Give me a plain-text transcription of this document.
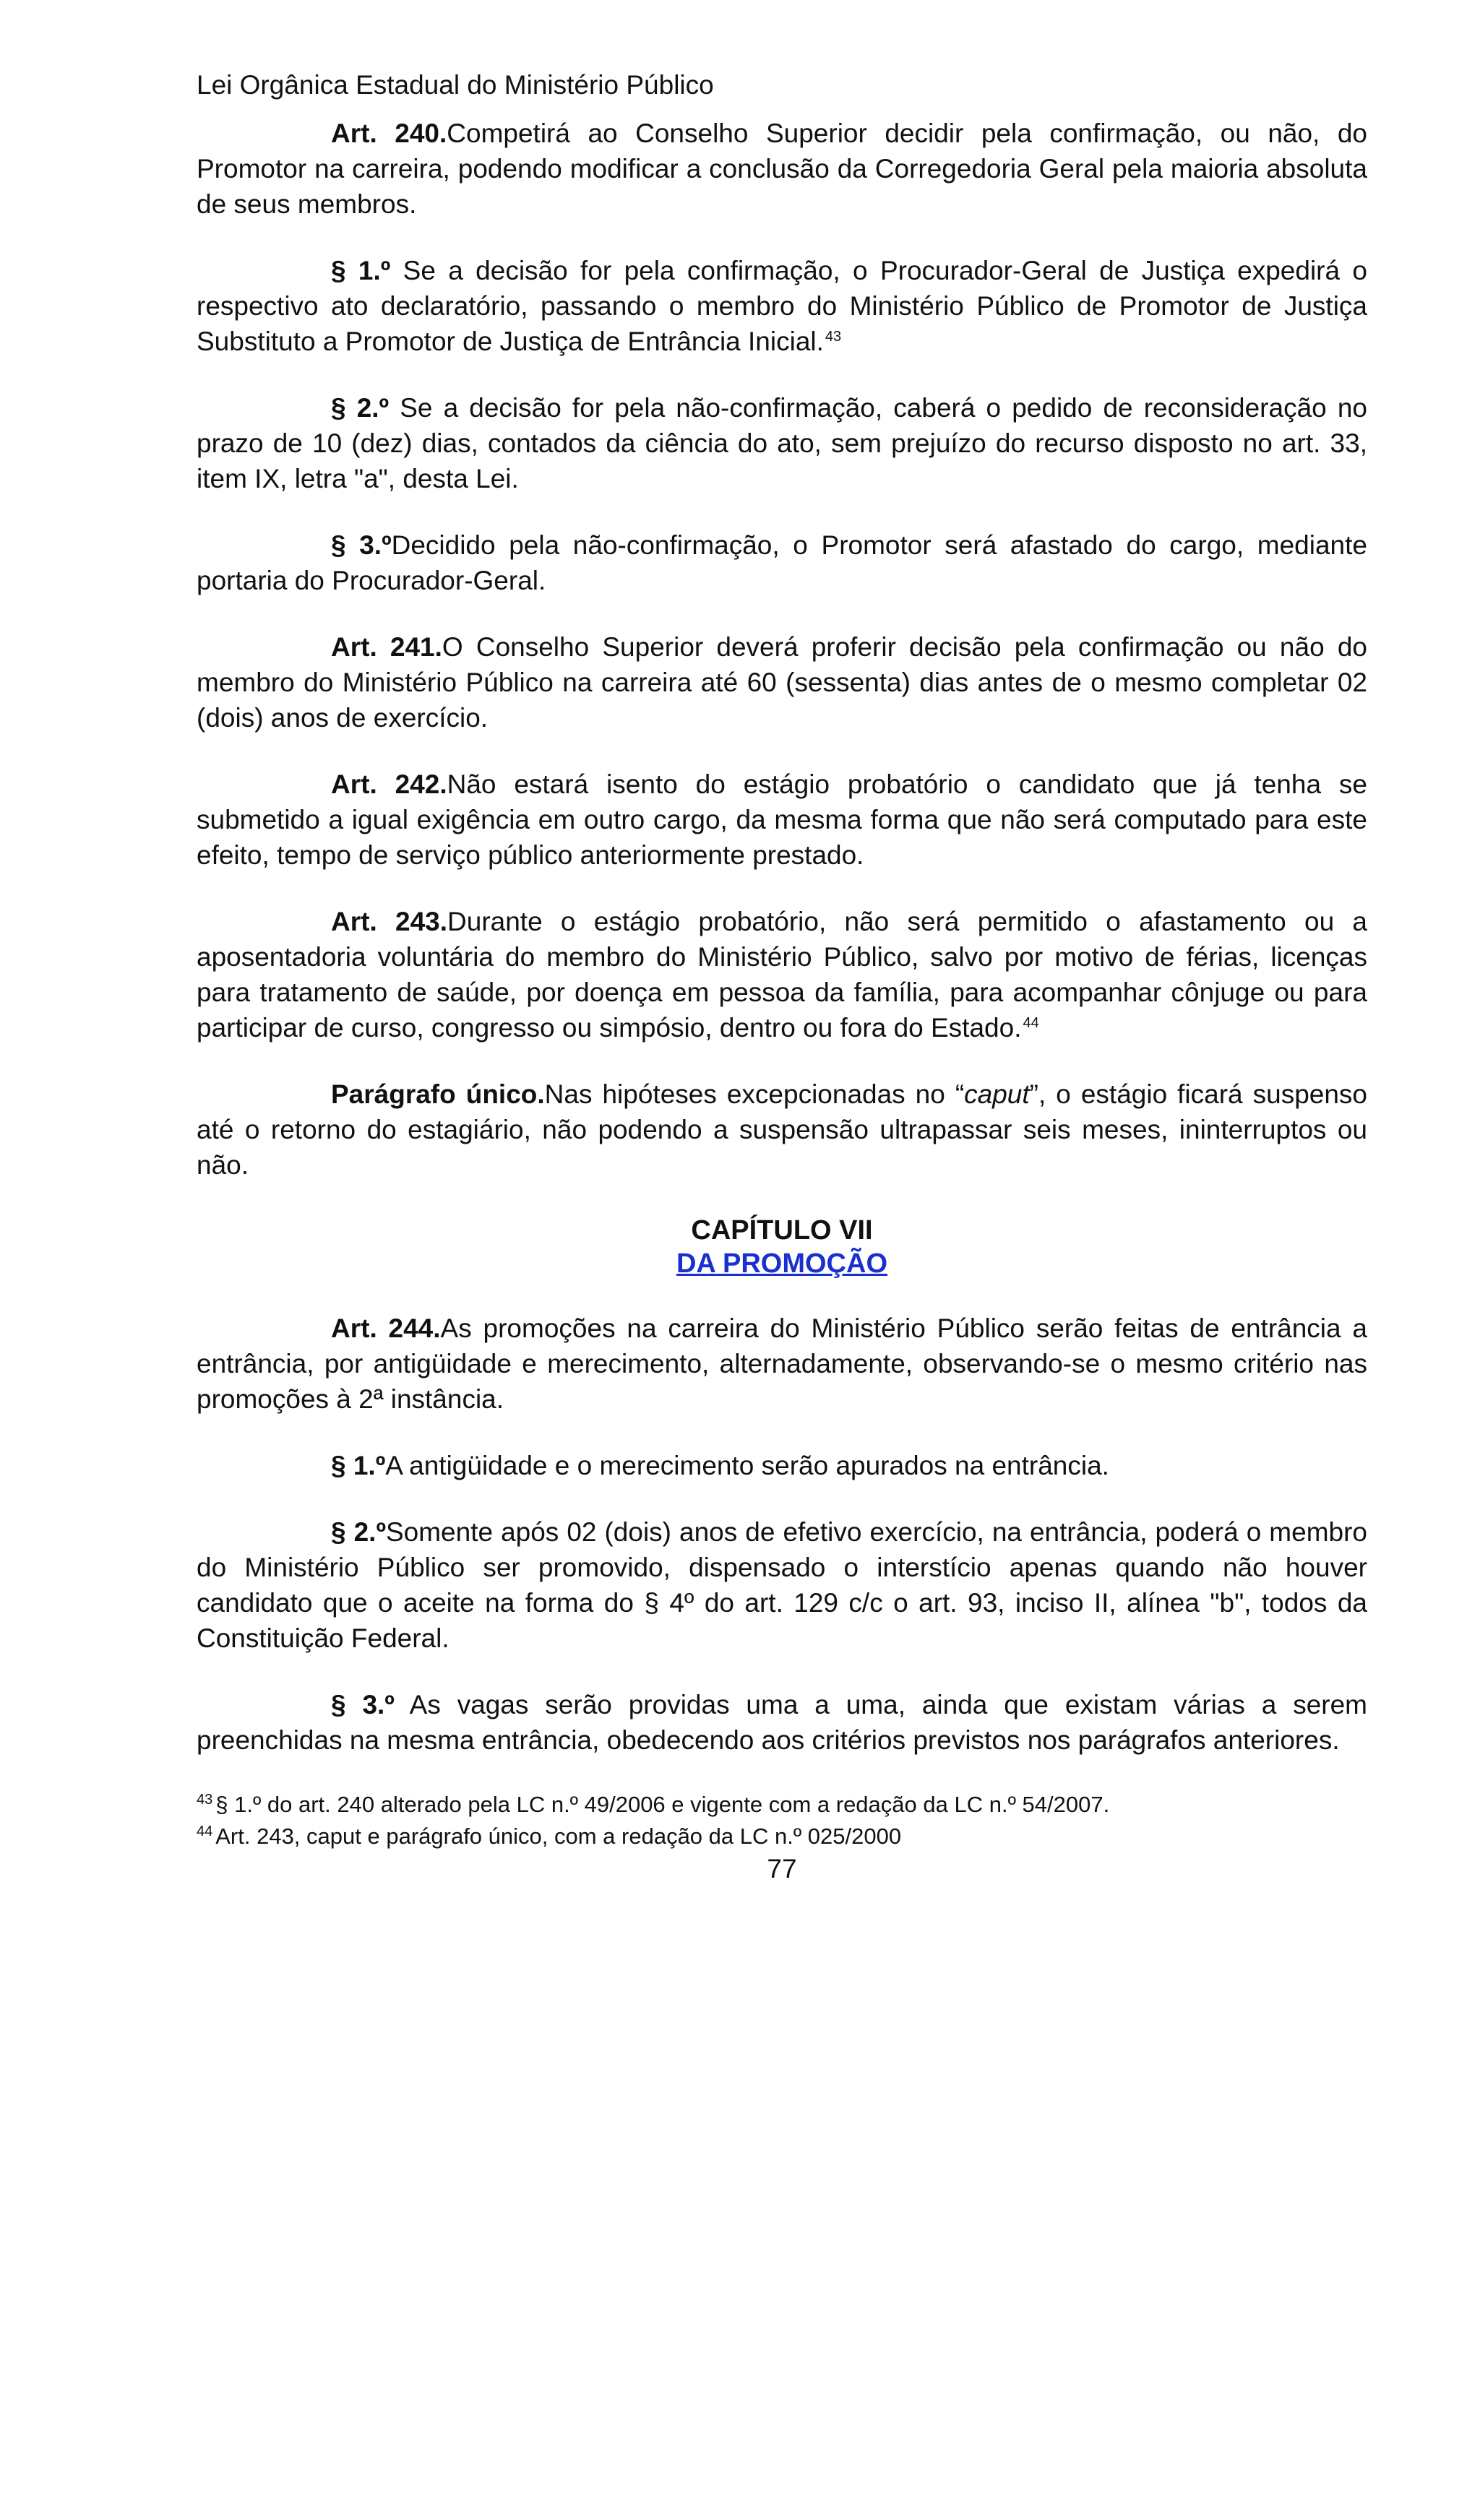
Lei Orgânica Estadual do Ministério Público

Art. 240.Competirá ao Conselho Superior decidir pela confirmação, ou não, do Promotor na carreira, podendo modificar a conclusão da Corregedoria Geral pela maioria absoluta de seus membros.

§ 1.º Se a decisão for pela confirmação, o Procurador-Geral de Justiça expedirá o respectivo ato declaratório, passando o membro do Ministério Público de Promotor de Justiça Substituto a Promotor de Justiça de Entrância Inicial. $^{43}$

§ 2.º Se a decisão for pela não-confirmação, caberá o pedido de reconsideração no prazo de 10 (dez) dias, contados da ciência do ato, sem prejuízo do recurso disposto no art. 33, item IX, letra "a", desta Lei.

§ 3.ºDecidido pela não-confirmação, o Promotor será afastado do cargo, mediante portaria do Procurador-Geral.

Art. 241.O Conselho Superior deverá proferir decisão pela confirmação ou não do membro do Ministério Público na carreira até 60 (sessenta) dias antes de o mesmo completar 02 (dois) anos de exercício.

Art. 242.Não estará isento do estágio probatório o candidato que já tenha se submetido a igual exigência em outro cargo, da mesma forma que não será computado para este efeito, tempo de serviço público anteriormente prestado.

Art. 243.Durante o estágio probatório, não será permitido o afastamento ou a aposentadoria voluntária do membro do Ministério Público, salvo por motivo de férias, licenças para tratamento de saúde, por doença em pessoa da família, para acompanhar cônjuge ou para participar de curso, congresso ou simpósio, dentro ou fora do Estado. $^{44}$

Parágrafo único.Nas hipóteses excepcionadas no “caput”, o estágio ficará suspenso até o retorno do estagiário, não podendo a suspensão ultrapassar seis meses, ininterruptos ou não.

CAPÍTULO VII
DA PROMOÇÃO

Art. 244.As promoções na carreira do Ministério Público serão feitas de entrância a entrância, por antigüidade e merecimento, alternadamente, observando-se o mesmo critério nas promoções à 2ª instância.

§ 1.ºA antigüidade e o merecimento serão apurados na entrância.

§ 2.ºSomente após 02 (dois) anos de efetivo exercício, na entrância, poderá o membro do Ministério Público ser promovido, dispensado o interstício apenas quando não houver candidato que o aceite na forma do § 4º do art. 129 c/c o art. 93, inciso II, alínea "b", todos da Constituição Federal.

§ 3.º As vagas serão providas uma a uma, ainda que existam várias a serem preenchidas na mesma entrância, obedecendo aos critérios previstos nos parágrafos anteriores.

$^{43}$ § 1.º do art. 240 alterado pela LC n.º 49/2006 e vigente com a redação da LC n.º 54/2007.

$^{44}$ Art. 243, caput e parágrafo único, com a redação da LC n.º 025/2000

77
